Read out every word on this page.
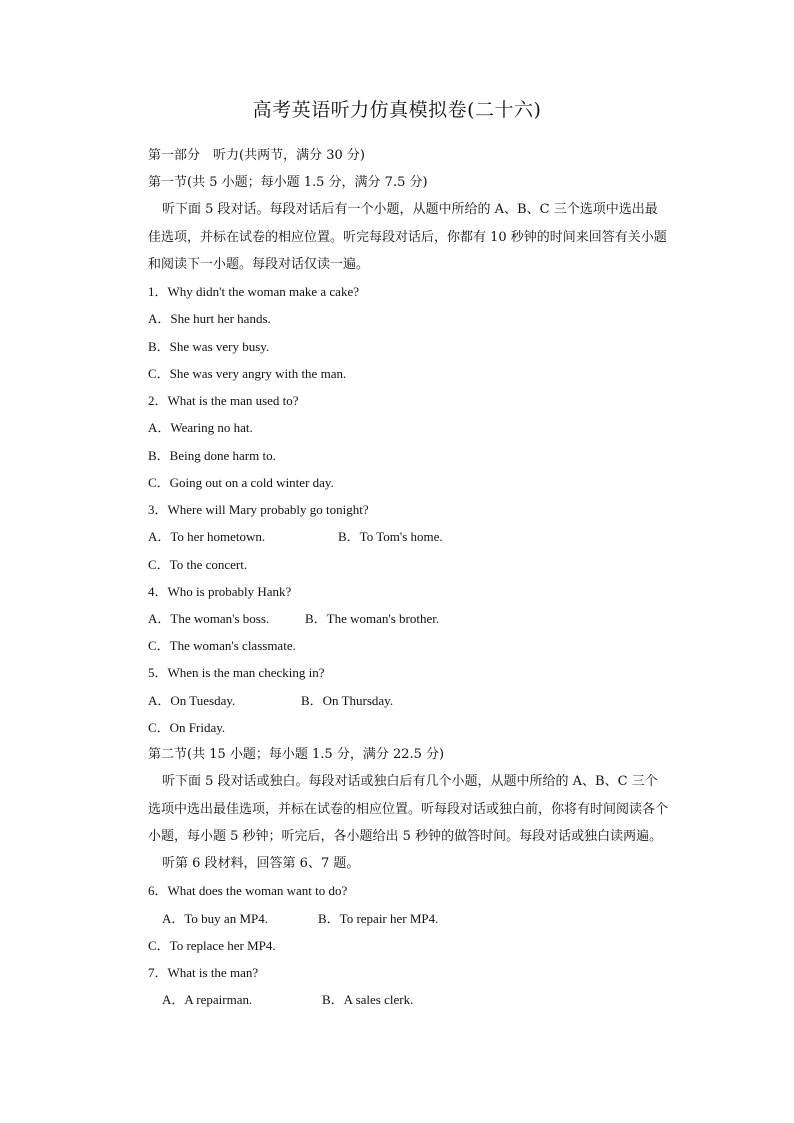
高考英语听力仿真模拟卷(二十六)
第一部分　听力(共两节，满分 30 分)
第一节(共 5 小题；每小题 1.5 分，满分 7.5 分)
听下面 5 段对话。每段对话后有一个小题，从题中所给的 A、B、C 三个选项中选出最
佳选项，并标在试卷的相应位置。听完每段对话后，你都有 10 秒钟的时间来回答有关小题
和阅读下一小题。每段对话仅读一遍。
1．Why didn't the woman make a cake?
A．She hurt her hands.
B．She was very busy.
C．She was very angry with the man.
2．What is the man used to?
A．Wearing no hat.
B．Being done harm to.
C．Going out on a cold winter day.
3．Where will Mary probably go tonight?
A．To her hometown.	B．To Tom's home.
C．To the concert.
4．Who is probably Hank?
A．The woman's boss.	B．The woman's brother.
C．The woman's classmate.
5．When is the man checking in?
A．On Tuesday.	B．On Thursday.
C．On Friday.
第二节(共 15 小题；每小题 1.5 分，满分 22.5 分)
听下面 5 段对话或独白。每段对话或独白后有几个小题，从题中所给的 A、B、C 三个
选项中选出最佳选项，并标在试卷的相应位置。听每段对话或独白前，你将有时间阅读各个
小题，每小题 5 秒钟；听完后，各小题给出 5 秒钟的做答时间。每段对话或独白读两遍。
听第 6 段材料，回答第 6、7 题。
6．What does the woman want to do?
A．To buy an MP4.	B．To repair her MP4.
C．To replace her MP4.
7．What is the man?
A．A repairman.	B．A sales clerk.
